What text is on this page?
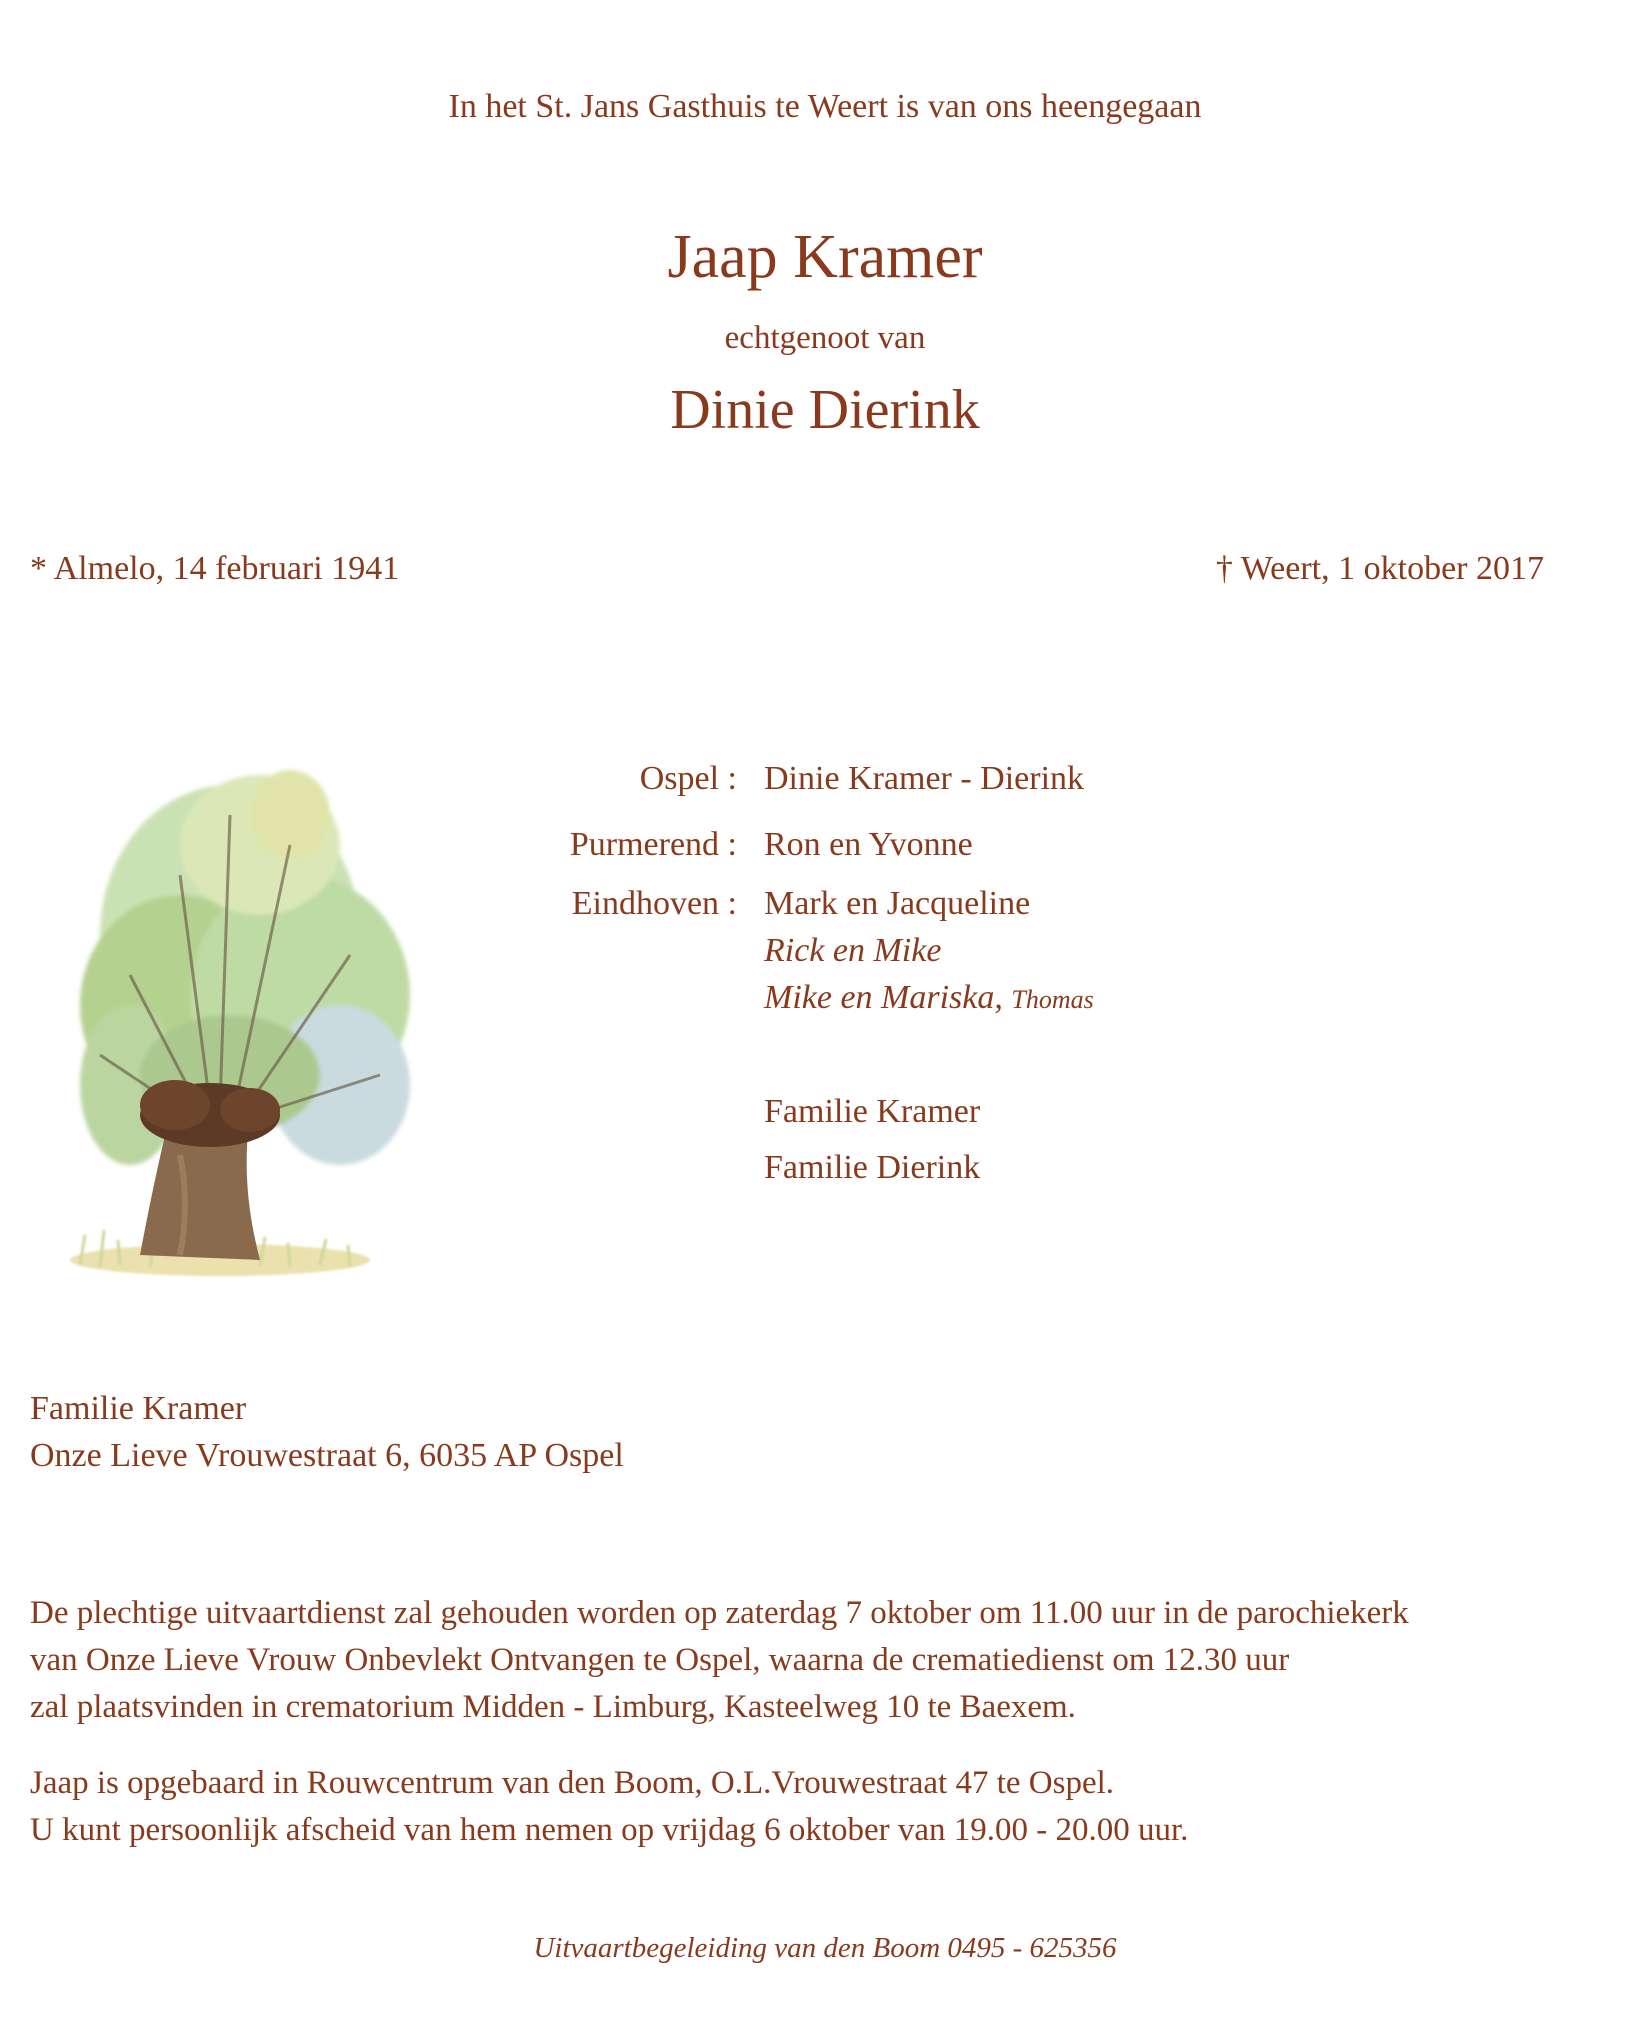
In het St. Jans Gasthuis te Weert is van ons heengegaan
Jaap Kramer
echtgenoot van
Dinie Dierink
* Almelo, 14 februari 1941	† Weert, 1 oktober 2017
Ospel : Dinie Kramer - Dierink
Purmerend : Ron en Yvonne
Eindhoven : Mark en Jacqueline
Rick en Mike
Mike en Mariska, Thomas
Familie Kramer
Familie Dierink
Familie Kramer
Onze Lieve Vrouwestraat 6, 6035 AP Ospel
De plechtige uitvaartdienst zal gehouden worden op zaterdag 7 oktober om 11.00 uur in de parochiekerk
van Onze Lieve Vrouw Onbevlekt Ontvangen te Ospel, waarna de crematiedienst om 12.30 uur
zal plaatsvinden in crematorium Midden - Limburg, Kasteelweg 10 te Baexem.
Jaap is opgebaard in Rouwcentrum van den Boom, O.L.Vrouwestraat 47 te Ospel.
U kunt persoonlijk afscheid van hem nemen op vrijdag 6 oktober van 19.00 - 20.00 uur.
Uitvaartbegeleiding van den Boom 0495 - 625356
